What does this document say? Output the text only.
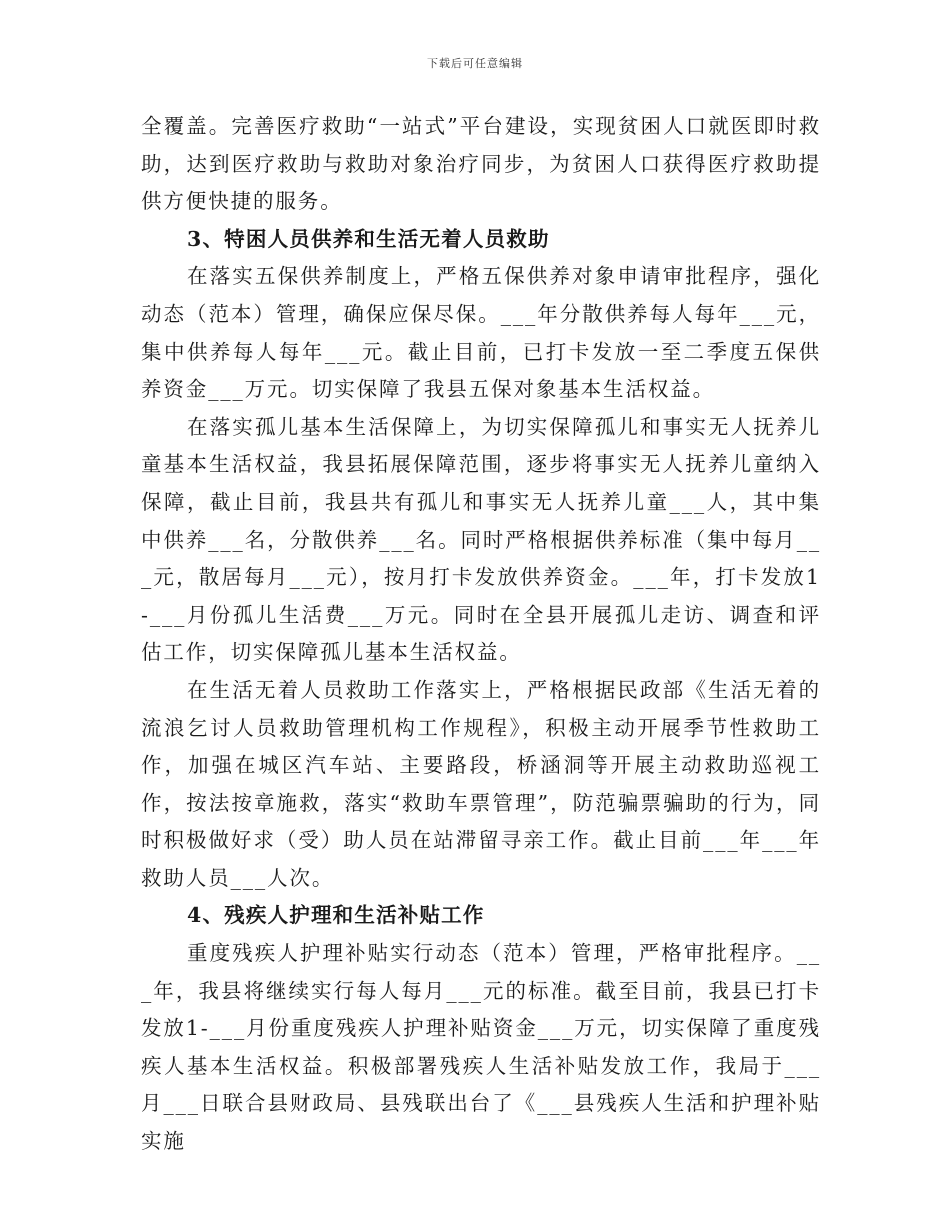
下载后可任意编辑

全覆盖。完善医疗救助“一站式”平台建设，实现贫困人口就医即时救助，达到医疗救助与救助对象治疗同步，为贫困人口获得医疗救助提供方便快捷的服务。

3、特困人员供养和生活无着人员救助

在落实五保供养制度上，严格五保供养对象申请审批程序，强化动态（范本）管理，确保应保尽保。___年分散供养每人每年___元，集中供养每人每年___元。截止目前，已打卡发放一至二季度五保供养资金___万元。切实保障了我县五保对象基本生活权益。

在落实孤儿基本生活保障上，为切实保障孤儿和事实无人抚养儿童基本生活权益，我县拓展保障范围，逐步将事实无人抚养儿童纳入保障，截止目前，我县共有孤儿和事实无人抚养儿童___人，其中集中供养___名，分散供养___名。同时严格根据供养标准（集中每月___元，散居每月___元），按月打卡发放供养资金。___年，打卡发放1-___月份孤儿生活费___万元。同时在全县开展孤儿走访、调查和评估工作，切实保障孤儿基本生活权益。

在生活无着人员救助工作落实上，严格根据民政部《生活无着的流浪乞讨人员救助管理机构工作规程》，积极主动开展季节性救助工作，加强在城区汽车站、主要路段，桥涵洞等开展主动救助巡视工作，按法按章施救，落实“救助车票管理”，防范骗票骗助的行为，同时积极做好求（受）助人员在站滞留寻亲工作。截止目前___年___年救助人员___人次。

4、残疾人护理和生活补贴工作

重度残疾人护理补贴实行动态（范本）管理，严格审批程序。___年，我县将继续实行每人每月___元的标准。截至目前，我县已打卡发放1-___月份重度残疾人护理补贴资金___万元，切实保障了重度残疾人基本生活权益。积极部署残疾人生活补贴发放工作，我局于___月___日联合县财政局、县残联出台了《___县残疾人生活和护理补贴实施
